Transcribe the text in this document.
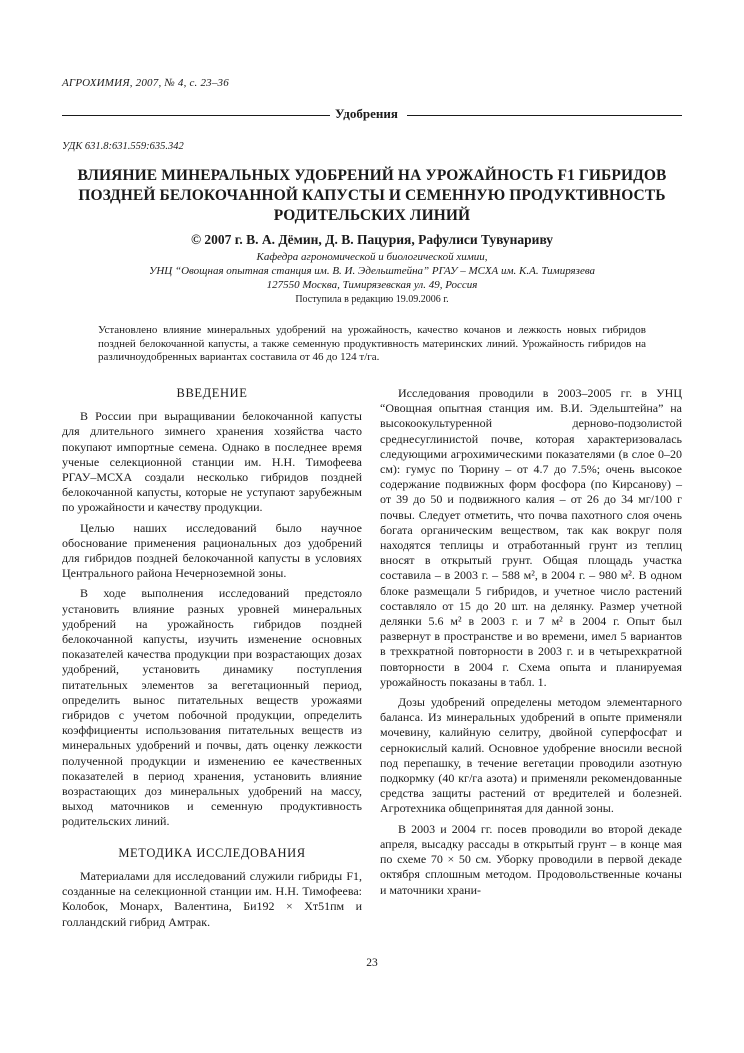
АГРОХИМИЯ, 2007, № 4, с. 23–36
Удобрения
УДК 631.8:631.559:635.342
ВЛИЯНИЕ МИНЕРАЛЬНЫХ УДОБРЕНИЙ НА УРОЖАЙНОСТЬ F1 ГИБРИДОВ ПОЗДНЕЙ БЕЛОКОЧАННОЙ КАПУСТЫ И СЕМЕННУЮ ПРОДУКТИВНОСТЬ РОДИТЕЛЬСКИХ ЛИНИЙ
© 2007 г. В. А. Дёмин, Д. В. Пацурия, Рафулиси Тувунариву
Кафедра агрономической и биологической химии,
УНЦ “Овощная опытная станция им. В. И. Эдельштейна” РГАУ – МСХА им. К.А. Тимирязева
127550 Москва, Тимирязевская ул. 49, Россия
Поступила в редакцию 19.09.2006 г.
Установлено влияние минеральных удобрений на урожайность, качество кочанов и лежкость новых гибридов поздней белокочанной капусты, а также семенную продуктивность материнских линий. Урожайность гибридов на различноудобренных вариантах составила от 46 до 124 т/га.
ВВЕДЕНИЕ

В России при выращивании белокочанной капусты для длительного зимнего хранения хозяйства часто покупают импортные семена. Однако в последнее время ученые селекционной станции им. Н.Н. Тимофеева РГАУ–МСХА создали несколько гибридов поздней белокочанной капусты, которые не уступают зарубежным по урожайности и качеству продукции.

Целью наших исследований было научное обоснование применения рациональных доз удобрений для гибридов поздней белокочанной капусты в условиях Центрального района Нечерноземной зоны.

В ходе выполнения исследований предстояло установить влияние разных уровней минеральных удобрений на урожайность гибридов поздней белокочанной капусты, изучить изменение основных показателей качества продукции при возрастающих дозах удобрений, установить динамику поступления питательных элементов за вегетационный период, определить вынос питательных веществ урожаями гибридов с учетом побочной продукции, определить коэффициенты использования питательных веществ из минеральных удобрений и почвы, дать оценку лежкости полученной продукции и изменению ее качественных показателей в период хранения, установить влияние возрастающих доз минеральных удобрений на массу, выход маточников и семенную продуктивность родительских линий.

МЕТОДИКА ИССЛЕДОВАНИЯ

Материалами для исследований служили гибриды F1, созданные на селекционной станции им. Н.Н. Тимофеева: Колобок, Монарх, Валентина, Би192 × Хт51пм и голландский гибрид Амтрак.

Исследования проводили в 2003–2005 гг. в УНЦ “Овощная опытная станция им. В.И. Эдельштейна” на высокоокультуренной дерново-подзолистой среднесуглинистой почве, которая характеризовалась следующими агрохимическими показателями (в слое 0–20 см): гумус по Тюрину – от 4.7 до 7.5%; очень высокое содержание подвижных форм фосфора (по Кирсанову) – от 39 до 50 и подвижного калия – от 26 до 34 мг/100 г почвы. Следует отметить, что почва пахотного слоя очень богата органическим веществом, так как вокруг поля находятся теплицы и отработанный грунт из теплиц вносят в открытый грунт. Общая площадь участка составила – в 2003 г. – 588 м², в 2004 г. – 980 м². В одном блоке размещали 5 гибридов, и учетное число растений составляло от 15 до 20 шт. на делянку. Размер учетной делянки 5.6 м² в 2003 г. и 7 м² в 2004 г. Опыт был развернут в пространстве и во времени, имел 5 вариантов в трехкратной повторности в 2003 г. и в четырехкратной повторности в 2004 г. Схема опыта и планируемая урожайность показаны в табл. 1.

Дозы удобрений определены методом элементарного баланса. Из минеральных удобрений в опыте применяли мочевину, калийную селитру, двойной суперфосфат и сернокислый калий. Основное удобрение вносили весной под перепашку, в течение вегетации проводили азотную подкормку (40 кг/га азота) и применяли рекомендованные средства защиты растений от вредителей и болезней. Агротехника общепринятая для данной зоны.

В 2003 и 2004 гг. посев проводили во второй декаде апреля, высадку рассады в открытый грунт – в конце мая по схеме 70 × 50 см. Уборку проводили в первой декаде октября сплошным методом. Продовольственные кочаны и маточники храни-

23
